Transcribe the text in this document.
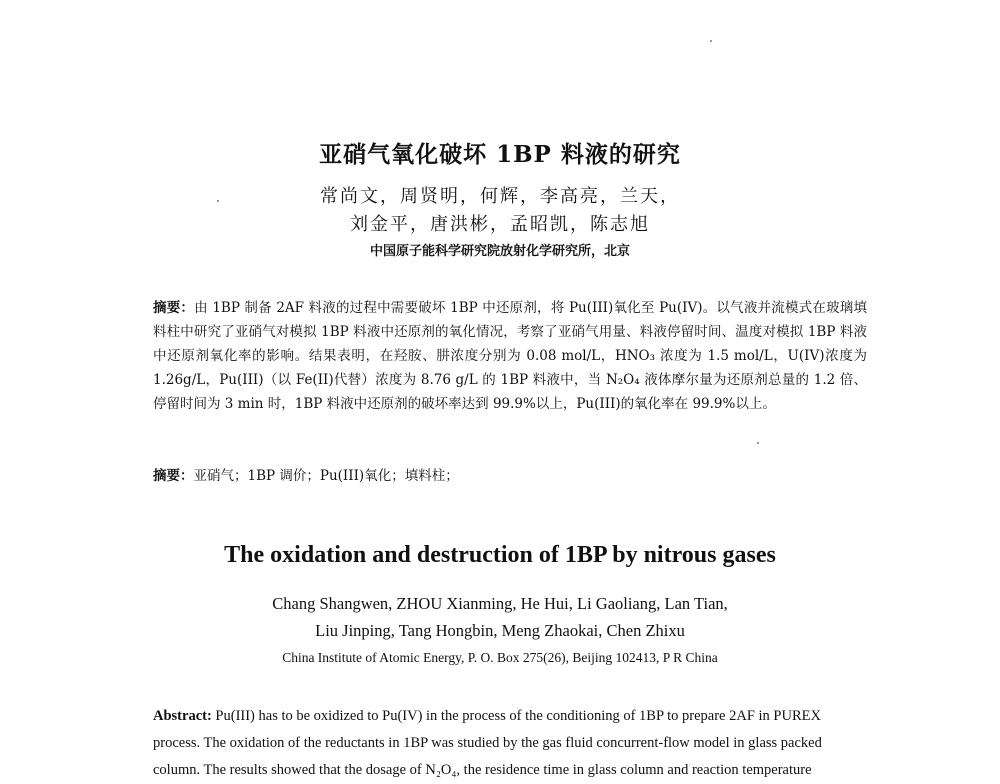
亚硝气氧化破坏 1BP 料液的研究
常尚文，周贤明，何辉，李高亮，兰天，
刘金平，唐洪彬，孟昭凯，陈志旭
中国原子能科学研究院放射化学研究所，北京
摘要：由 1BP 制备 2AF 料液的过程中需要破坏 1BP 中还原剂，将 Pu(III)氧化至 Pu(IV)。以气液并流模式在玻璃填料柱中研究了亚硝气对模拟 1BP 料液中还原剂的氧化情况，考察了亚硝气用量、料液停留时间、温度对模拟 1BP 料液中还原剂氧化率的影响。结果表明，在羟胺、肼浓度分别为 0.08 mol/L，HNO₃ 浓度为 1.5 mol/L，U(IV)浓度为 1.26g/L，Pu(III)（以 Fe(II)代替）浓度为 8.76 g/L 的 1BP 料液中，当 N₂O₄ 液体摩尔量为还原剂总量的 1.2 倍、停留时间为 3 min 时，1BP 料液中还原剂的破坏率达到 99.9%以上，Pu(III)的氧化率在 99.9%以上。
摘要：亚硝气；1BP 调价；Pu(III)氧化；填料柱；
The oxidation and destruction of 1BP by nitrous gases
Chang Shangwen, ZHOU Xianming, He Hui, Li Gaoliang, Lan Tian,
Liu Jinping, Tang Hongbin, Meng Zhaokai, Chen Zhixu
China Institute of Atomic Energy, P. O. Box 275(26), Beijing 102413, P R China
Abstract: Pu(III) has to be oxidized to Pu(IV) in the process of the conditioning of 1BP to prepare 2AF in PUREX
process. The oxidation of the reductants in 1BP was studied by the gas fluid concurrent-flow model in glass packed
column. The results showed that the dosage of N₂O₄, the residence time in glass column and reaction temperature
